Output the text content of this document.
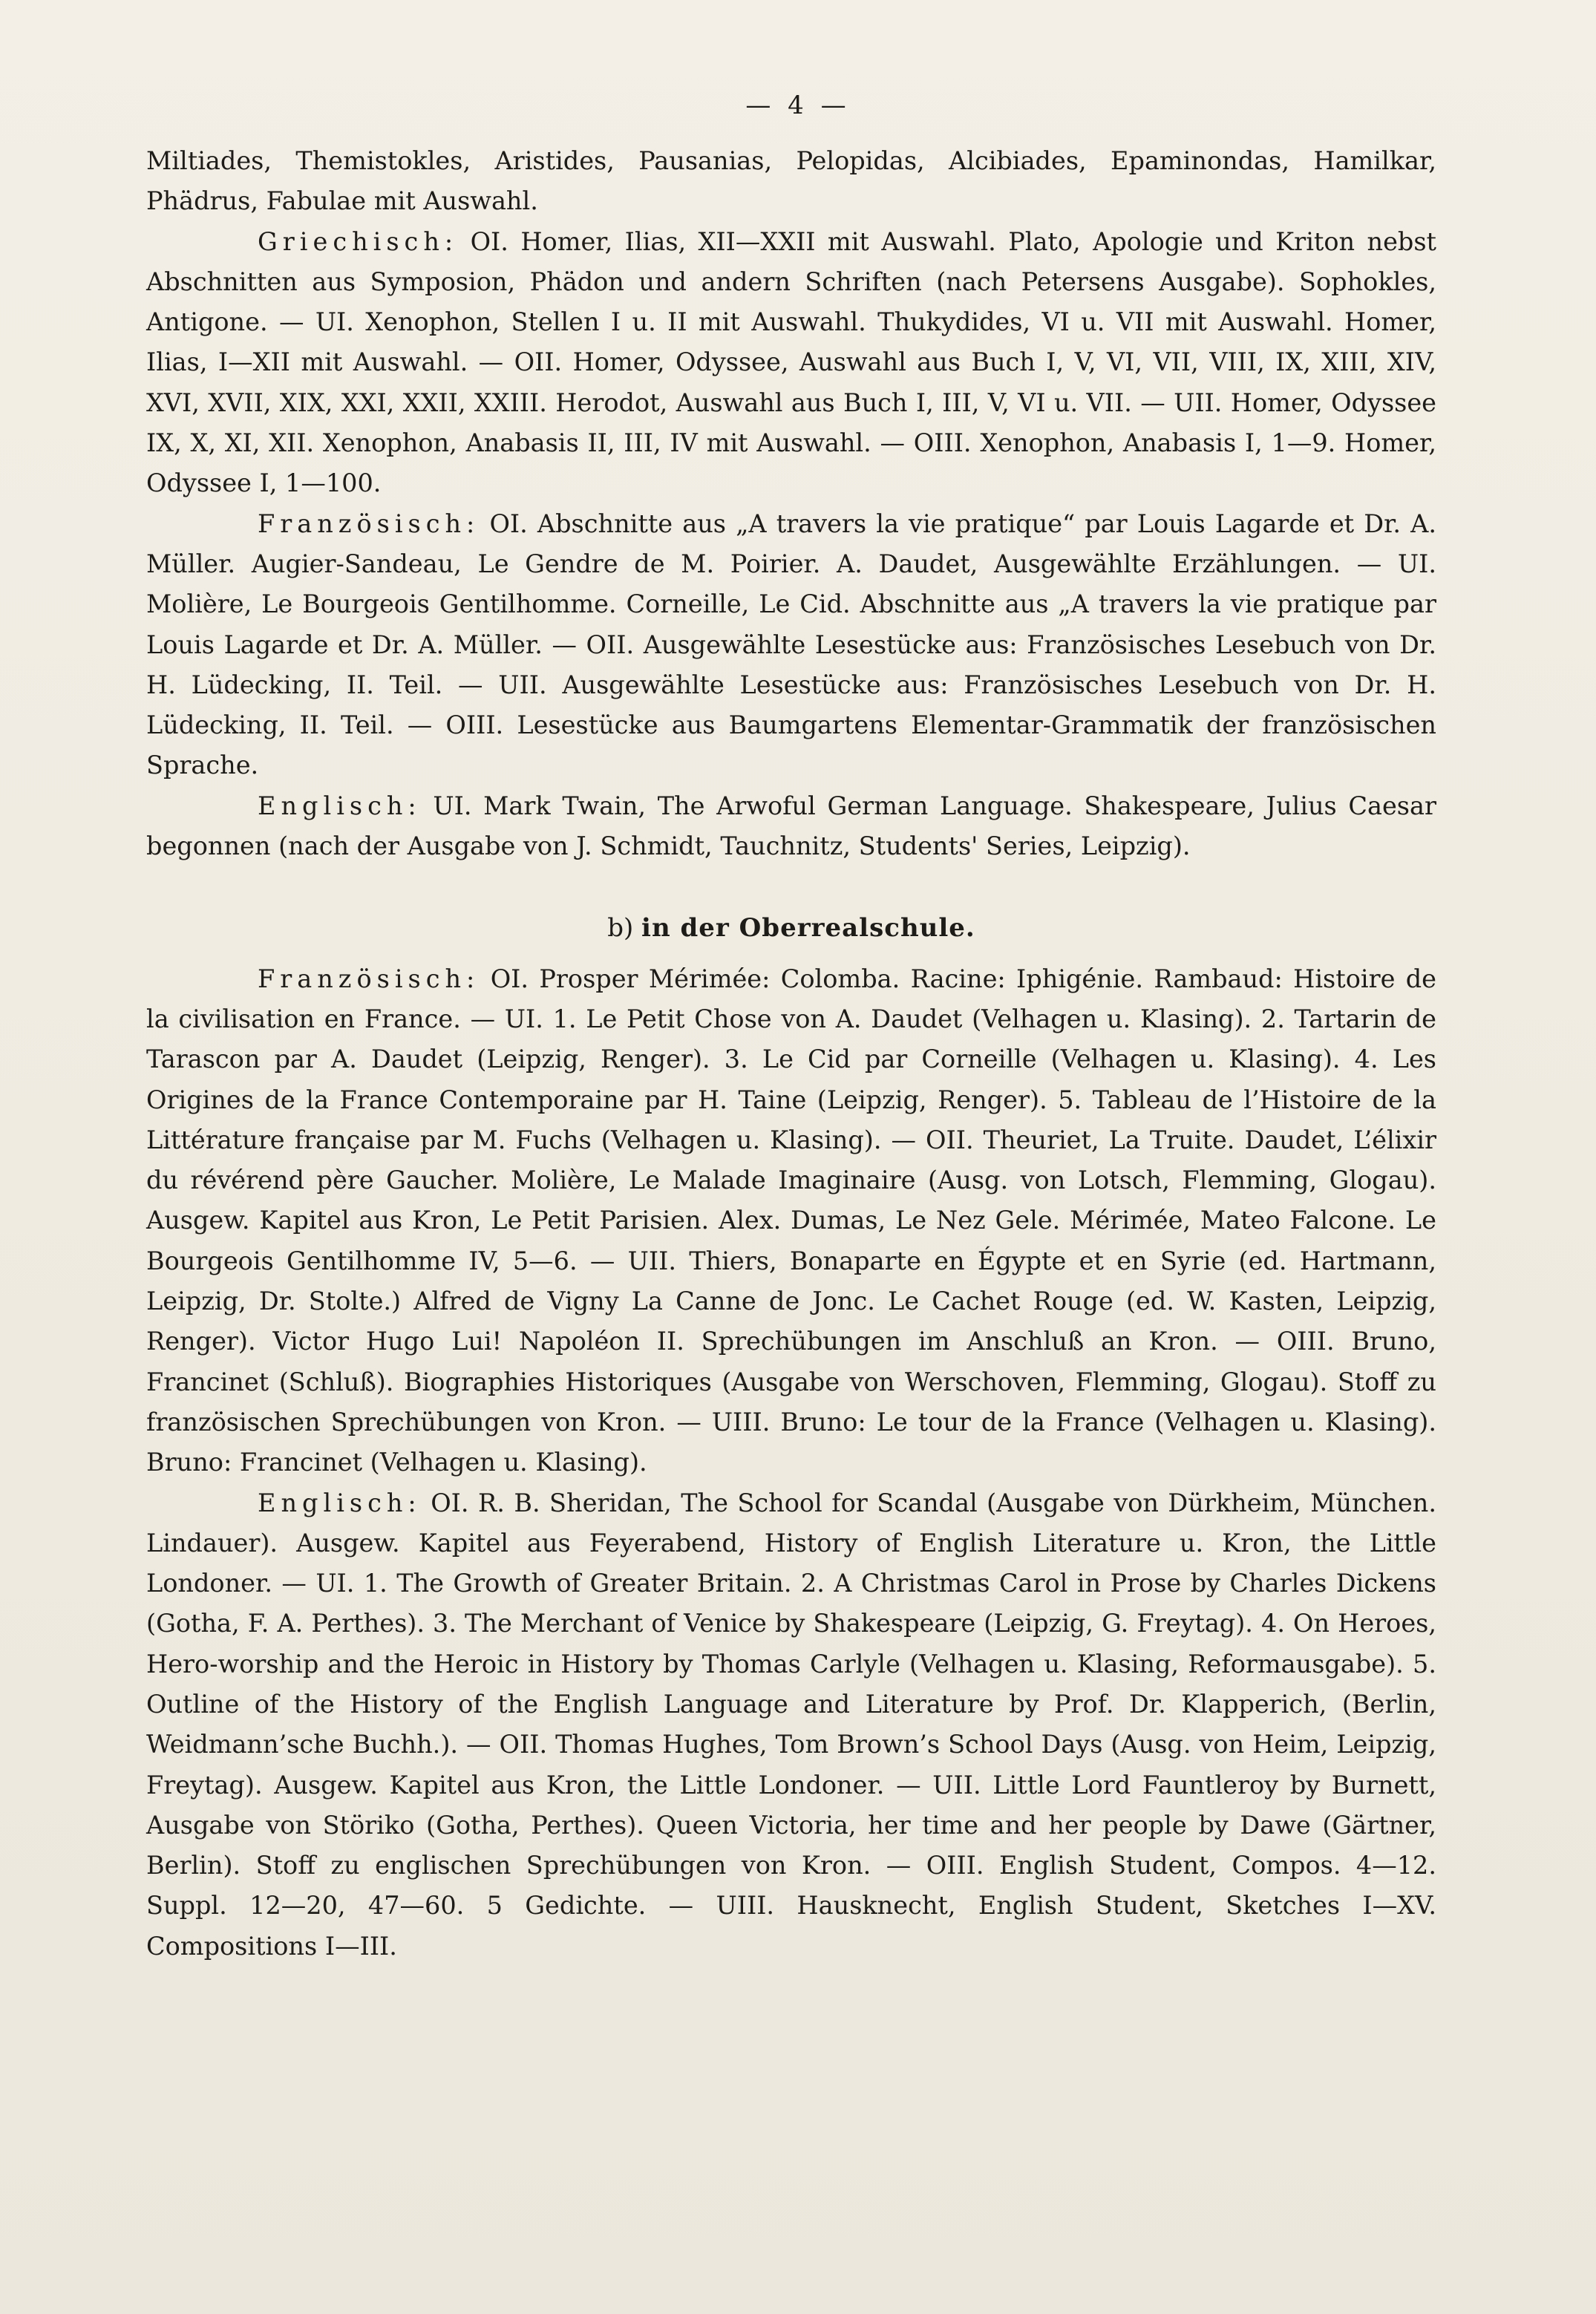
— 4 —

Miltiades, Themistokles, Aristides, Pausanias, Pelopidas, Alcibiades, Epaminondas, Hamilkar, Phädrus, Fabulae mit Auswahl.

Griechisch: OI. Homer, Ilias, XII—XXII mit Auswahl. Plato, Apologie und Kriton nebst Abschnitten aus Symposion, Phädon und andern Schriften (nach Petersens Ausgabe). Sophokles, Antigone. — UI. Xenophon, Stellen I u. II mit Auswahl. Thukydides, VI u. VII mit Auswahl. Homer, Ilias, I—XII mit Auswahl. — OII. Homer, Odyssee, Auswahl aus Buch I, V, VI, VII, VIII, IX, XIII, XIV, XVI, XVII, XIX, XXI, XXII, XXIII. Herodot, Auswahl aus Buch I, III, V, VI u. VII. — UII. Homer, Odyssee IX, X, XI, XII. Xenophon, Anabasis II, III, IV mit Auswahl. — OIII. Xenophon, Anabasis I, 1—9. Homer, Odyssee I, 1—100.

Französisch: OI. Abschnitte aus „A travers la vie pratique“ par Louis Lagarde et Dr. A. Müller. Augier-Sandeau, Le Gendre de M. Poirier. A. Daudet, Ausgewählte Erzählungen. — UI. Molière, Le Bourgeois Gentilhomme. Corneille, Le Cid. Abschnitte aus „A travers la vie pratique par Louis Lagarde et Dr. A. Müller. — OII. Ausgewählte Lesestücke aus: Französisches Lesebuch von Dr. H. Lüdecking, II. Teil. — UII. Ausgewählte Lesestücke aus: Französisches Lesebuch von Dr. H. Lüdecking, II. Teil. — OIII. Lesestücke aus Baumgartens Elementar-Grammatik der französischen Sprache.

Englisch: UI. Mark Twain, The Arwoful German Language. Shakespeare, Julius Caesar begonnen (nach der Ausgabe von J. Schmidt, Tauchnitz, Students' Series, Leipzig).

b) in der Oberrealschule.

Französisch: OI. Prosper Mérimée: Colomba. Racine: Iphigénie. Rambaud: Histoire de la civilisation en France. — UI. 1. Le Petit Chose von A. Daudet (Velhagen u. Klasing). 2. Tartarin de Tarascon par A. Daudet (Leipzig, Renger). 3. Le Cid par Corneille (Velhagen u. Klasing). 4. Les Origines de la France Contemporaine par H. Taine (Leipzig, Renger). 5. Tableau de l’Histoire de la Littérature française par M. Fuchs (Velhagen u. Klasing). — OII. Theuriet, La Truite. Daudet, L’élixir du révérend père Gaucher. Molière, Le Malade Imaginaire (Ausg. von Lotsch, Flemming, Glogau). Ausgew. Kapitel aus Kron, Le Petit Parisien. Alex. Dumas, Le Nez Gele. Mérimée, Mateo Falcone. Le Bourgeois Gentilhomme IV, 5—6. — UII. Thiers, Bonaparte en Égypte et en Syrie (ed. Hartmann, Leipzig, Dr. Stolte.) Alfred de Vigny La Canne de Jonc. Le Cachet Rouge (ed. W. Kasten, Leipzig, Renger). Victor Hugo Lui! Napoléon II. Sprechübungen im Anschluß an Kron. — OIII. Bruno, Francinet (Schluß). Biographies Historiques (Ausgabe von Werschoven, Flemming, Glogau). Stoff zu französischen Sprechübungen von Kron. — UIII. Bruno: Le tour de la France (Velhagen u. Klasing). Bruno: Francinet (Velhagen u. Klasing).

Englisch: OI. R. B. Sheridan, The School for Scandal (Ausgabe von Dürkheim, München. Lindauer). Ausgew. Kapitel aus Feyerabend, History of English Literature u. Kron, the Little Londoner. — UI. 1. The Growth of Greater Britain. 2. A Christmas Carol in Prose by Charles Dickens (Gotha, F. A. Perthes). 3. The Merchant of Venice by Shakespeare (Leipzig, G. Freytag). 4. On Heroes, Hero-worship and the Heroic in History by Thomas Carlyle (Velhagen u. Klasing, Reformausgabe). 5. Outline of the History of the English Language and Literature by Prof. Dr. Klapperich, (Berlin, Weidmann’sche Buchh.). — OII. Thomas Hughes, Tom Brown’s School Days (Ausg. von Heim, Leipzig, Freytag). Ausgew. Kapitel aus Kron, the Little Londoner. — UII. Little Lord Fauntleroy by Burnett, Ausgabe von Störiko (Gotha, Perthes). Queen Victoria, her time and her people by Dawe (Gärtner, Berlin). Stoff zu englischen Sprechübungen von Kron. — OIII. English Student, Compos. 4—12. Suppl. 12—20, 47—60. 5 Gedichte. — UIII. Hausknecht, English Student, Sketches I—XV. Compositions I—III.
